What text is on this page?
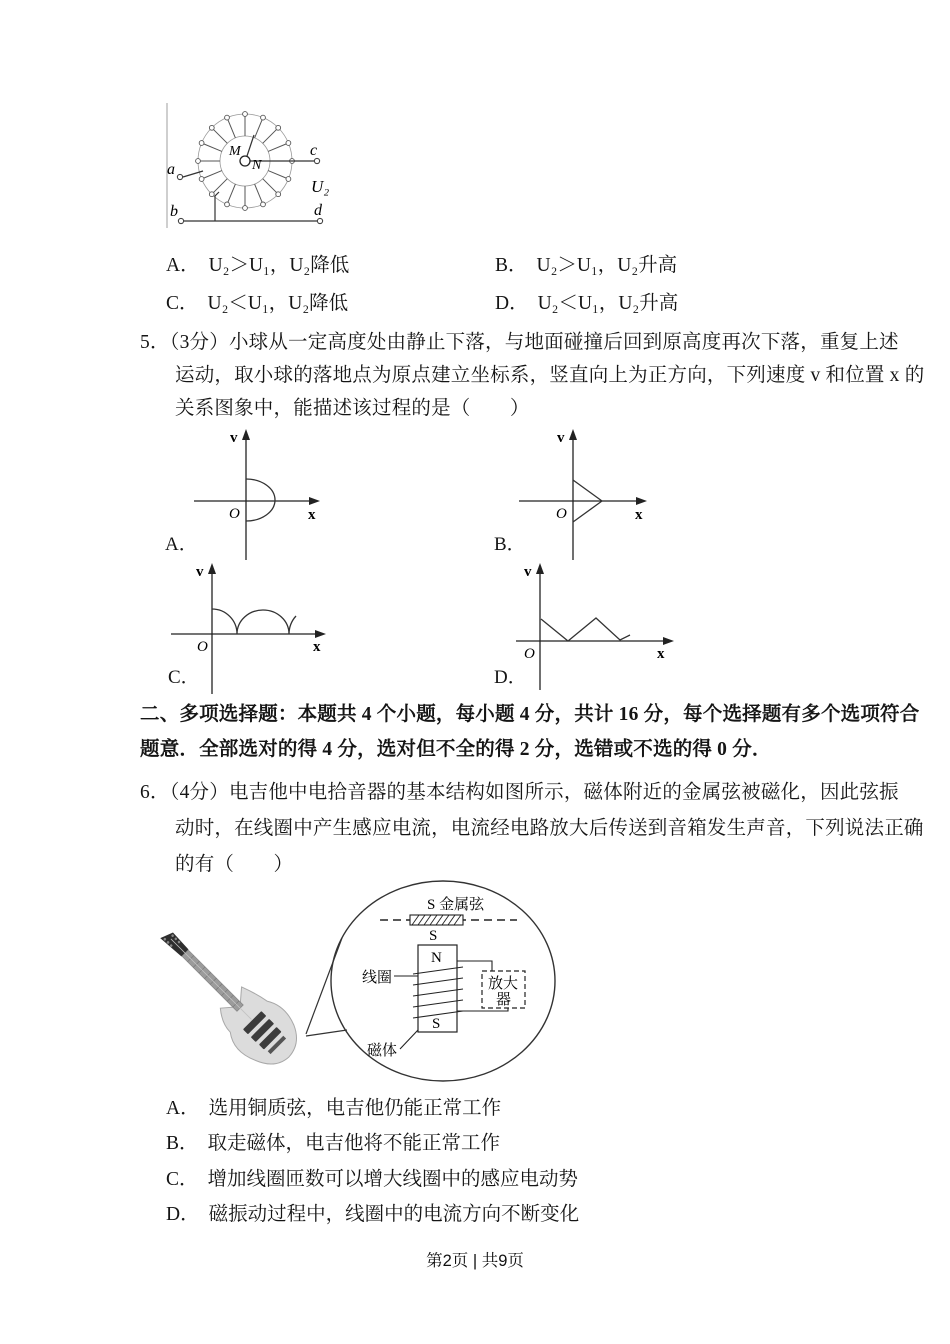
a
b
c
d
M
N
U₂
A． U₂＞U₁，U₂降低	B． U₂＞U₁，U₂升高
C． U₂＜U₁，U₂降低	D． U₂＜U₁，U₂升高
5．（3分）小球从一定高度处由静止下落，与地面碰撞后回到原高度再次下落，重复上述
运动，取小球的落地点为原点建立坐标系，竖直向上为正方向，下列速度 v 和位置 x 的
关系图象中，能描述该过程的是（　　）
v
x
O
A．
v
x
O
B．
v
x
O
C．
v
x
O
D．
二、多项选择题：本题共 4 个小题，每小题 4 分，共计 16 分，每个选择题有多个选项符合
题意．全部选对的得 4 分，选对但不全的得 2 分，选错或不选的得 0 分．
6．（4分）电吉他中电拾音器的基本结构如图所示，磁体附近的金属弦被磁化，因此弦振
动时，在线圈中产生感应电流，电流经电路放大后传送到音箱发生声音，下列说法正确
的有（　　）
S 金属弦
S
N
S
放大
器
线圈
磁体
A． 选用铜质弦，电吉他仍能正常工作
B． 取走磁体，电吉他将不能正常工作
C． 增加线圈匝数可以增大线圈中的感应电动势
D． 磁振动过程中，线圈中的电流方向不断变化
第2页 | 共9页
